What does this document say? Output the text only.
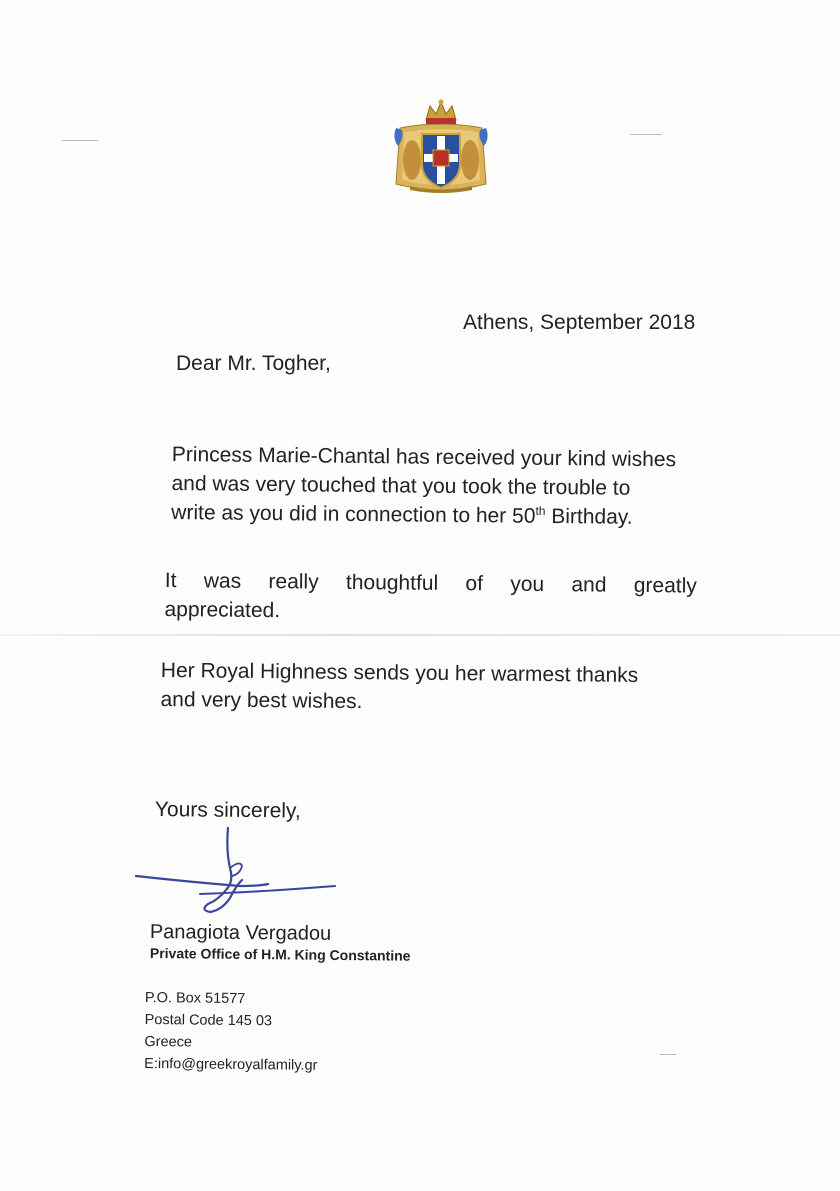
Athens, September 2018
Dear Mr. Togher,
Princess Marie-Chantal has received your kind wishes
and was very touched that you took the trouble to
write as you did in connection to her 50th Birthday.
It was really thoughtful of you and greatly
appreciated.
Her Royal Highness sends you her warmest thanks
and very best wishes.
Yours sincerely,
Panagiota Vergadou
Private Office of H.M. King Constantine
P.O. Box 51577
Postal Code 145 03
Greece
E:info@greekroyalfamily.gr
